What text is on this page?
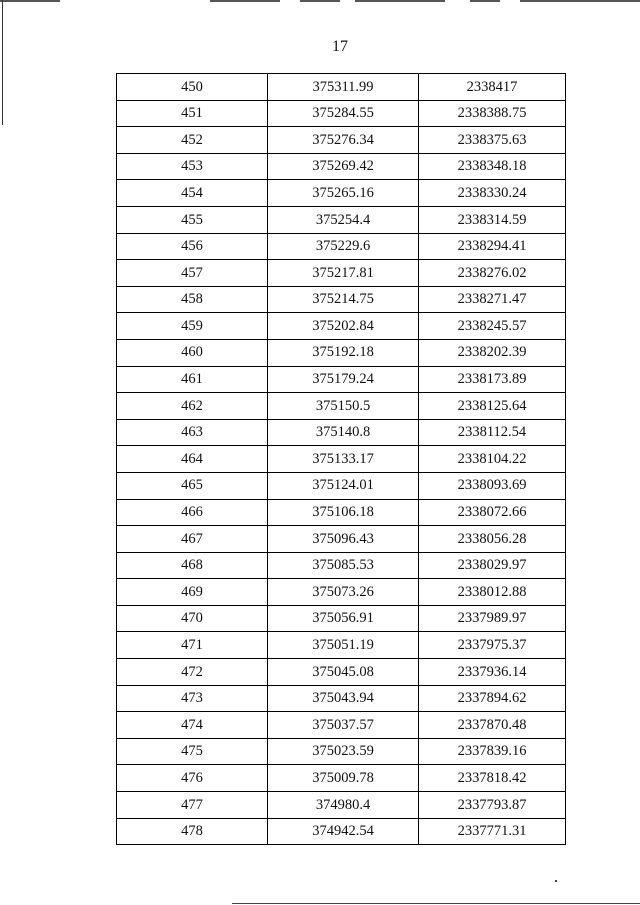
17
450	375311.99	2338417
451	375284.55	2338388.75
452	375276.34	2338375.63
453	375269.42	2338348.18
454	375265.16	2338330.24
455	375254.4	2338314.59
456	375229.6	2338294.41
457	375217.81	2338276.02
458	375214.75	2338271.47
459	375202.84	2338245.57
460	375192.18	2338202.39
461	375179.24	2338173.89
462	375150.5	2338125.64
463	375140.8	2338112.54
464	375133.17	2338104.22
465	375124.01	2338093.69
466	375106.18	2338072.66
467	375096.43	2338056.28
468	375085.53	2338029.97
469	375073.26	2338012.88
470	375056.91	2337989.97
471	375051.19	2337975.37
472	375045.08	2337936.14
473	375043.94	2337894.62
474	375037.57	2337870.48
475	375023.59	2337839.16
476	375009.78	2337818.42
477	374980.4	2337793.87
478	374942.54	2337771.31
